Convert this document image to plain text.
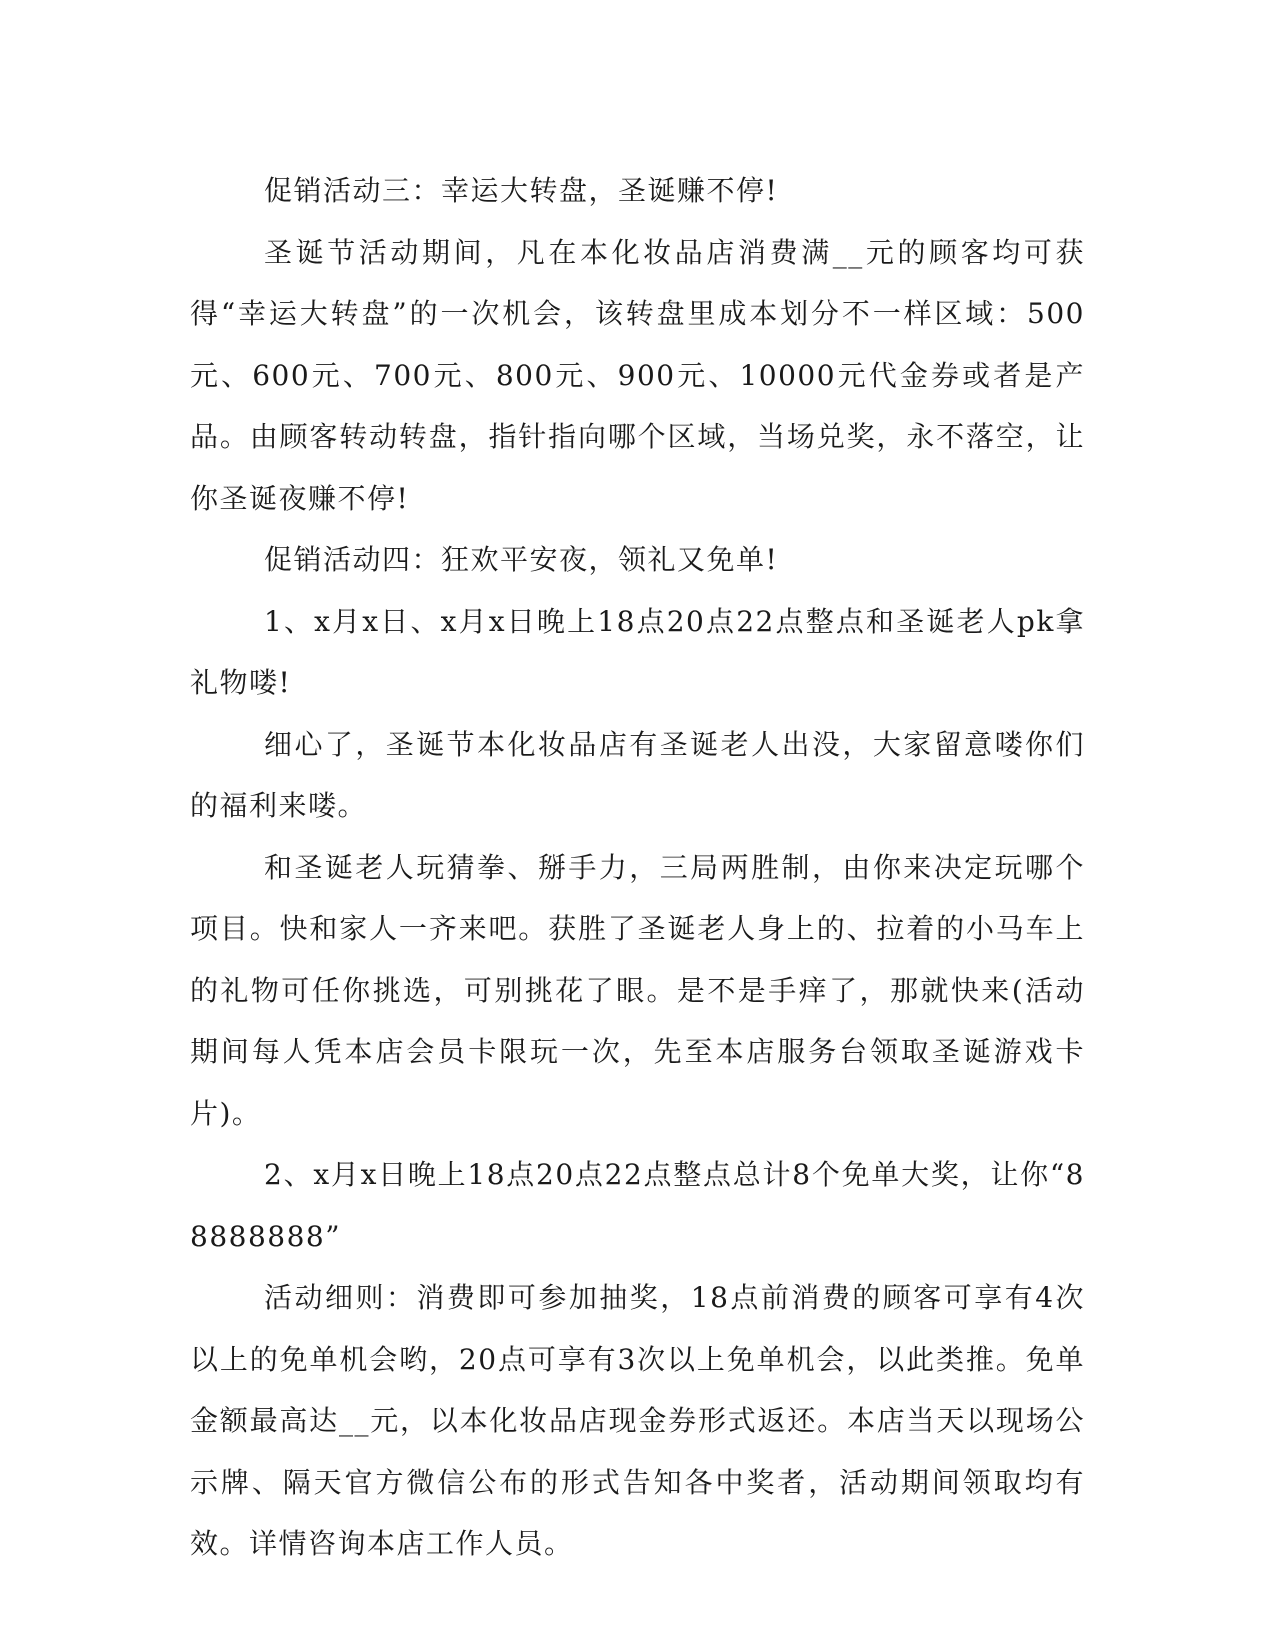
促销活动三：幸运大转盘，圣诞赚不停!

圣诞节活动期间，凡在本化妆品店消费满__元的顾客均可获得“幸运大转盘”的一次机会，该转盘里成本划分不一样区域：500元、600元、700元、800元、900元、10000元代金券或者是产品。由顾客转动转盘，指针指向哪个区域，当场兑奖，永不落空，让你圣诞夜赚不停!

促销活动四：狂欢平安夜，领礼又免单!

1、x月x日、x月x日晚上18点20点22点整点和圣诞老人pk拿礼物喽!

细心了，圣诞节本化妆品店有圣诞老人出没，大家留意喽你们的福利来喽。

和圣诞老人玩猜拳、掰手力，三局两胜制，由你来决定玩哪个项目。快和家人一齐来吧。获胜了圣诞老人身上的、拉着的小马车上的礼物可任你挑选，可别挑花了眼。是不是手痒了，那就快来(活动期间每人凭本店会员卡限玩一次，先至本店服务台领取圣诞游戏卡片)。

2、x月x日晚上18点20点22点整点总计8个免单大奖，让你“88888888”

活动细则：消费即可参加抽奖，18点前消费的顾客可享有4次以上的免单机会哟，20点可享有3次以上免单机会，以此类推。免单金额最高达__元，以本化妆品店现金券形式返还。本店当天以现场公示牌、隔天官方微信公布的形式告知各中奖者，活动期间领取均有效。详情咨询本店工作人员。
